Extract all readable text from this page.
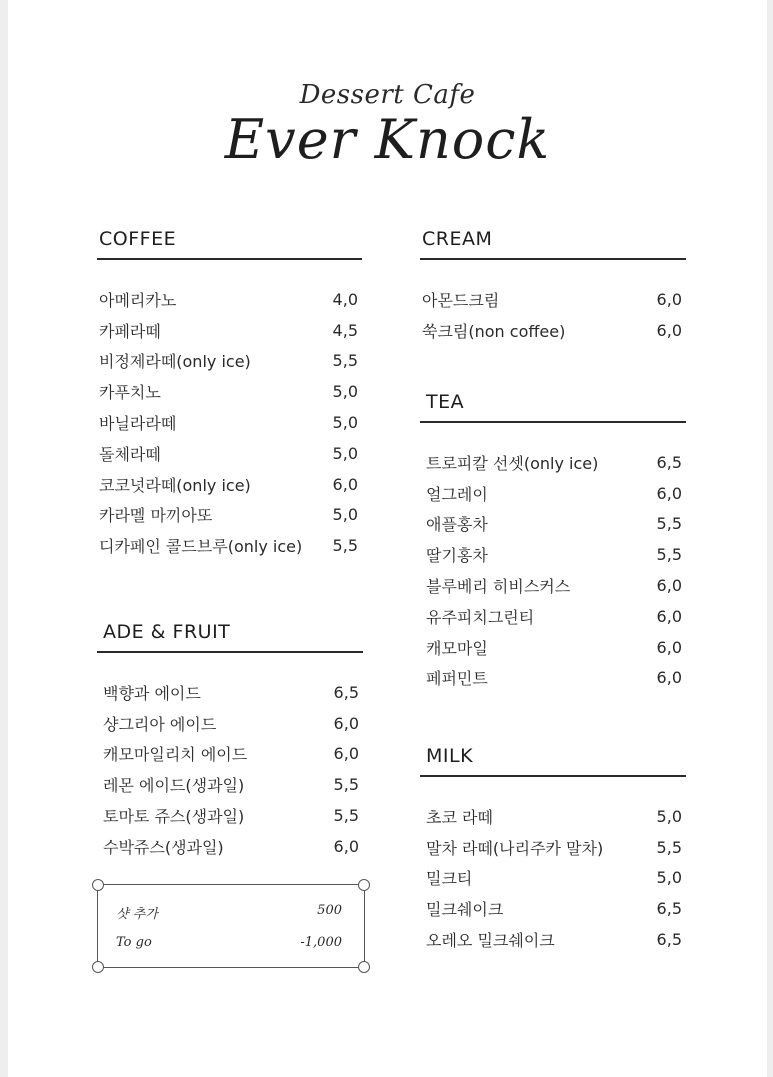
Dessert Cafe
Ever Knock
COFFEE
아메리카노	4,0
카페라떼	4,5
비정제라떼(only ice)	5,5
카푸치노	5,0
바닐라라떼	5,0
돌체라떼	5,0
코코넛라떼(only ice)	6,0
카라멜 마끼아또	5,0
디카페인 콜드브루(only ice) 5,5
ADE & FRUIT
백향과 에이드	6,5
샹그리아 에이드	6,0
캐모마일리치 에이드	6,0
레몬 에이드(생과일)	5,5
토마토 쥬스(생과일)	5,5
수박쥬스(생과일)	6,0
샷 추가	500
To go	-1,000
CREAM
아몬드크림	6,0
쑥크림(non coffee)	6,0
TEA
트로피칼 선셋(only ice)	6,5
얼그레이	6,0
애플홍차	5,5
딸기홍차	5,5
블루베리 히비스커스	6,0
유주피치그린티	6,0
캐모마일	6,0
페퍼민트	6,0
MILK
초코 라떼	5,0
말차 라떼(나리주카 말차)	5,5
밀크티	5,0
밀크쉐이크	6,5
오레오 밀크쉐이크	6,5
